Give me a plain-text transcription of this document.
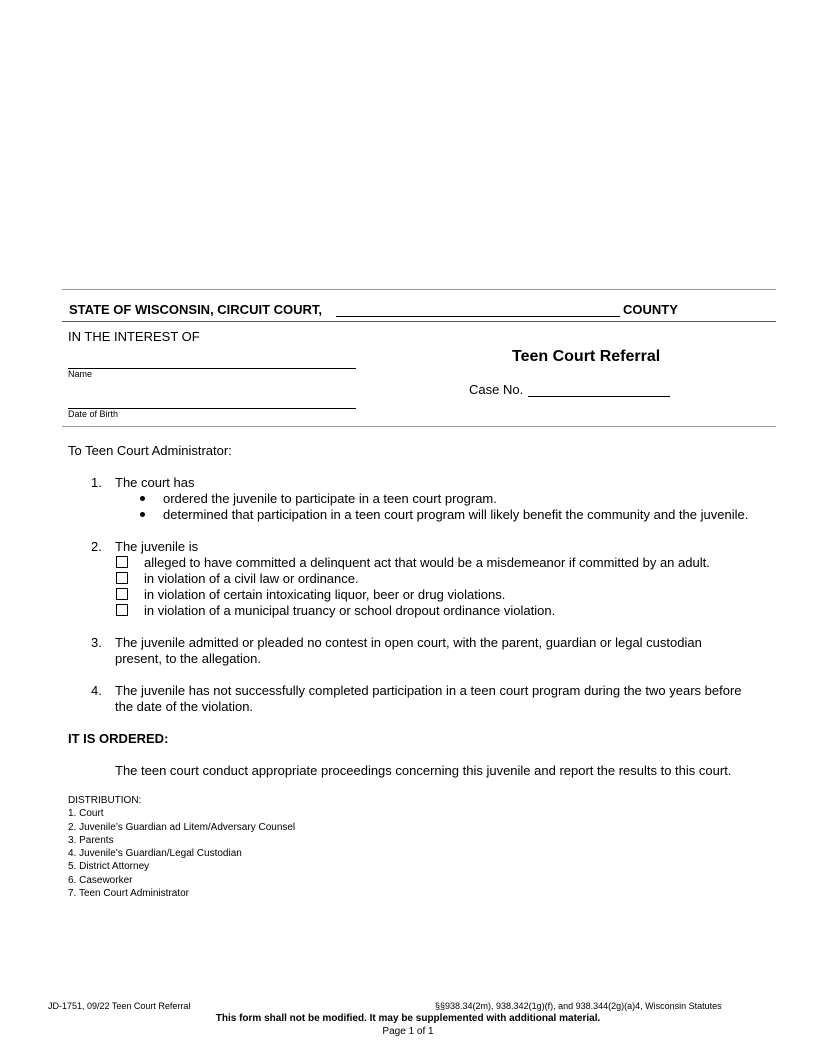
STATE OF WISCONSIN, CIRCUIT COURT,	COUNTY
IN THE INTEREST OF
Name
Date of Birth
Teen Court Referral
Case No.
To Teen Court Administrator:
1. The court has
ordered the juvenile to participate in a teen court program.
determined that participation in a teen court program will likely benefit the community and the juvenile.
2. The juvenile is
alleged to have committed a delinquent act that would be a misdemeanor if committed by an adult.
in violation of a civil law or ordinance.
in violation of certain intoxicating liquor, beer or drug violations.
in violation of a municipal truancy or school dropout ordinance violation.
3. The juvenile admitted or pleaded no contest in open court, with the parent, guardian or legal custodian
present, to the allegation.
4. The juvenile has not successfully completed participation in a teen court program during the two years before
the date of the violation.
IT IS ORDERED:
The teen court conduct appropriate proceedings concerning this juvenile and report the results to this court.
DISTRIBUTION:
1. Court
2. Juvenile’s Guardian ad Litem/Adversary Counsel
3. Parents
4. Juvenile’s Guardian/Legal Custodian
5. District Attorney
6. Caseworker
7. Teen Court Administrator
JD-1751, 09/22 Teen Court Referral	§§938.34(2m), 938.342(1g)(f), and 938.344(2g)(a)4, Wisconsin Statutes
This form shall not be modified. It may be supplemented with additional material.
Page 1 of 1
